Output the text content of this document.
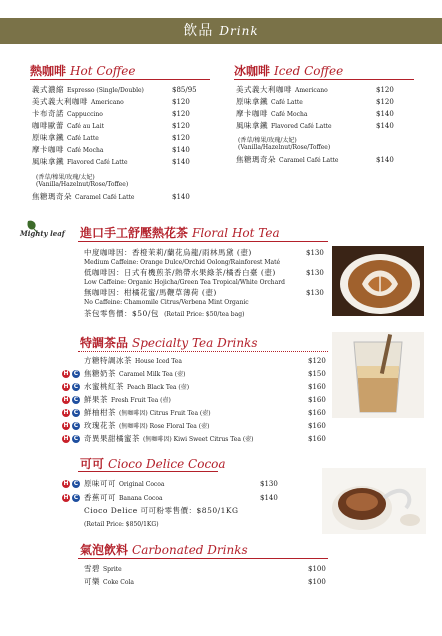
飲品 Drink
熱咖啡 Hot Coffee
義式濃縮 Espresso (Single/Double)	$85/95
美式義大利咖啡 Americano	$120
卡布奇諾 Cappuccino	$120
咖啡歐蕾 Café au Lait	$120
原味拿鐵 Café Latte	$120
摩卡咖啡 Café Mocha	$140
風味拿鐵 Flavored Café Latte	$140
焦糖瑪奇朵 Caramel Café Latte	$140
(香草/榛果/玫瑰/太妃)
(Vanilla/Hazelnut/Rose/Toffee)
冰咖啡 Iced Coffee
美式義大利咖啡 Americano	$120
原味拿鐵 Café Latte	$120
摩卡咖啡 Café Mocha	$140
風味拿鐵 Flavored Café Latte	$140
焦糖瑪奇朵 Caramel Café Latte	$140
(香草/榛果/玫瑰/太妃)
(Vanilla/Hazelnut/Rose/Toffee)
Mighty leaf 進口手工舒壓熱花茶 Floral Hot Tea
中度咖啡因：香橙茉莉/蘭花烏龍/雨林馬黛 (壺)
Medium Caffeine: Orange Dulce/Orchid Oolong/Rainforest Maté
$130
低咖啡因：日式有機煎茶/熱帶水果綠茶/橘香白臺 (壺)
Low Caffeine: Organic Hojicha/Green Tea Tropical/White Orchard
$130
無咖啡因：柑橘花蜜/馬鞭草薄荷 (壺)
No Caffeine: Chamomile Citrus/Verbena Mint Organic
$130
茶包零售價：$50/包 (Retail Price: $50/tea bag)
特調茶品 Specialty Tea Drinks
方糖特調冰茶 House Iced Tea	$120
H C 焦糖奶茶 Caramel Milk Tea (壺)	$150
H C 水蜜桃紅茶 Peach Black Tea (壺)	$160
H C 鮮果茶 Fresh Fruit Tea (壺)	$160
H C 鮮柚柑茶 (無咖啡因) Citrus Fruit Tea (壺)	$160
H C 玫瑰花茶 (無咖啡因) Rose Floral Tea (壺)	$160
H C 奇異果甜橘蜜茶 (無咖啡因) Kiwi Sweet Citrus Tea (壺)	$160
可可 Cioco Delice Cocoa
H C 原味可可 Original Cocoa	$130
H C 香蕉可可 Banana Cocoa	$140
Cioco Delice 可可粉零售價：$850/1KG
(Retail Price: $850/1KG)
氣泡飲料 Carbonated Drinks
雪碧 Sprite	$100
可樂 Coke Cola	$100
